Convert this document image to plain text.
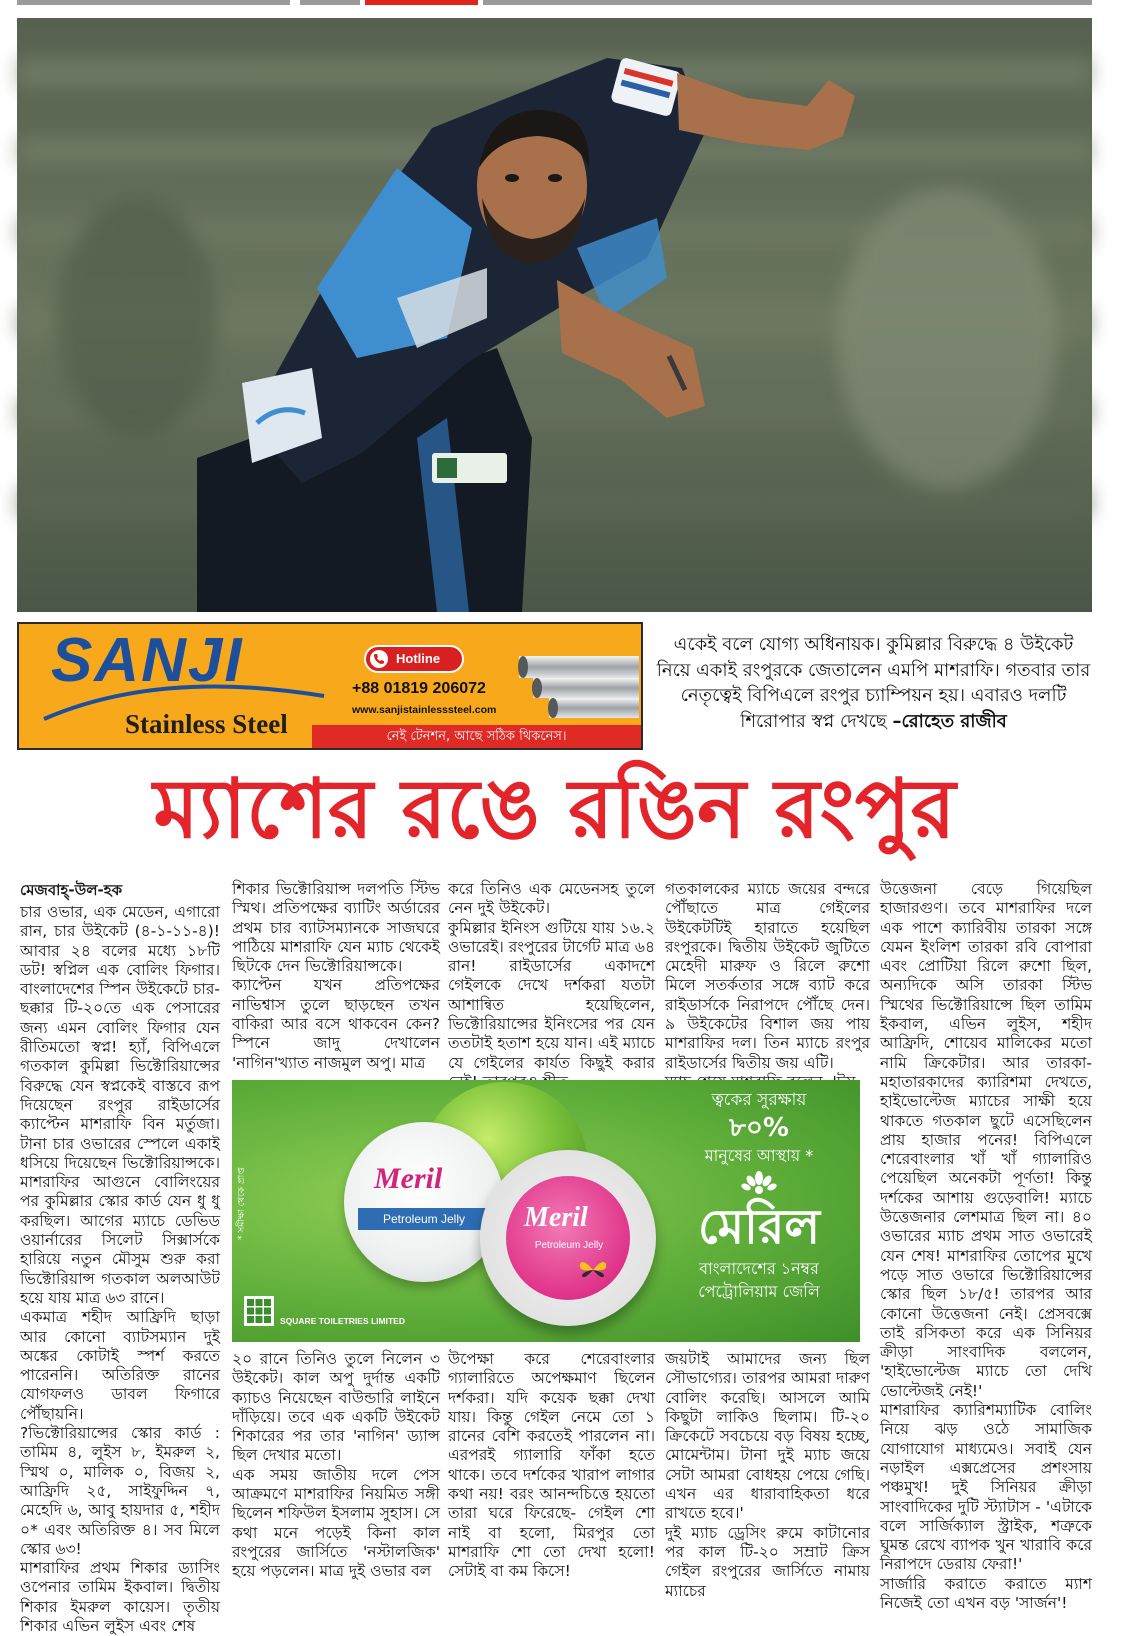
SANJI
Stainless Steel
Hotline
+88 01819 206072
www.sanjistainlesssteel.com
নেই টেনশন, আছে সঠিক থিকনেস।
একেই বলে যোগ্য অধিনায়ক। কুমিল্লার বিরুদ্ধে ৪ উইকেট নিয়ে একাই রংপুরকে জেতালেন এমপি মাশরাফি। গতবার তার নেতৃত্বেই বিপিএলে রংপুর চ্যাম্পিয়ন হয়। এবারও দলটি শিরোপার স্বপ্ন দেখছে –রোহেত রাজীব
ম্যাশের রঙে রঙিন রংপুর
মেজবাহ্-উল-হক

চার ওভার, এক মেডেন, এগারো রান, চার উইকেট (৪-১-১১-৪)! আবার ২৪ বলের মধ্যে ১৮টি ডট! স্বপ্নিল এক বোলিং ফিগার। বাংলাদেশের স্পিন উইকেটে চার-ছক্কার টি-২০তে এক পেসারের জন্য এমন বোলিং ফিগার যেন রীতিমতো স্বপ্ন! হ্যাঁ, বিপিএলে গতকাল কুমিল্লা ভিক্টোরিয়ান্সের বিরুদ্ধে যেন স্বপ্নকেই বাস্তবে রূপ দিয়েছেন রংপুর রাইডার্সের ক্যাপ্টেন মাশরাফি বিন মর্তুজা। টানা চার ওভারের স্পেলে একাই ধসিয়ে দিয়েছেন ভিক্টোরিয়ান্সকে। মাশরাফির আগুনে বোলিংয়ের পর কুমিল্লার স্কোর কার্ড যেন ধু ধু করছিল। আগের ম্যাচে ডেভিড ওয়ার্নারের সিলেট সিক্সার্সকে হারিয়ে নতুন মৌসুম শুরু করা ভিক্টোরিয়ান্স গতকাল অলআউট হয়ে যায় মাত্র ৬৩ রানে।

একমাত্র শহীদ আফ্রিদি ছাড়া আর কোনো ব্যাটসম্যান দুই অঙ্কের কোটাই স্পর্শ করতে পারেননি। অতিরিক্ত রানের যোগফলও ডাবল ফিগারে পৌঁছায়নি।

?ভিক্টোরিয়ান্সের স্কোর কার্ড : তামিম ৪, লুইস ৮, ইমরুল ২, স্মিথ ০, মালিক ০, বিজয় ২, আফ্রিদি ২৫, সাইফুদ্দিন ৭, মেহেদি ৬, আবু হায়দার ৫, শহীদ ০* এবং অতিরিক্ত ৪। সব মিলে স্কোর ৬৩!

মাশরাফির প্রথম শিকার ড্যাসিং ওপেনার তামিম ইকবাল। দ্বিতীয় শিকার ইমরুল কায়েস। তৃতীয় শিকার এভিন লুইস এবং শেষ

শিকার ভিক্টোরিয়ান্স দলপতি স্টিভ স্মিথ। প্রতিপক্ষের ব্যাটিং অর্ডারের প্রথম চার ব্যাটসম্যানকে সাজঘরে পাঠিয়ে মাশরাফি যেন ম্যাচ থেকেই ছিটকে দেন ভিক্টোরিয়ান্সকে।

ক্যাপ্টেন যখন প্রতিপক্ষের নাভিশ্বাস তুলে ছাড়ছেন তখন বাকিরা আর বসে থাকবেন কেন? স্পিনে জাদু দেখালেন 'নাগিন'খ্যাত নাজমুল অপু। মাত্র

করে তিনিও এক মেডেনসহ তুলে নেন দুই উইকেট।

কুমিল্লার ইনিংস গুটিয়ে যায় ১৬.২ ওভারেই। রংপুরের টার্গেট মাত্র ৬৪ রান! রাইডার্সের একাদশে গেইলকে দেখে দর্শকরা যতটা আশান্বিত হয়েছিলেন, ভিক্টোরিয়ান্সের ইনিংসের পর যেন ততটাই হতাশ হয়ে যান। এই ম্যাচে যে গেইলের কার্যত কিছুই করার

গতকালকের ম্যাচে জয়ের বন্দরে পৌঁছাতে মাত্র গেইলের উইকেটটিই হারাতে হয়েছিল রংপুরকে। দ্বিতীয় উইকেট জুটিতে মেহেদী মারুফ ও রিলে রুশো মিলে সতর্কতার সঙ্গে ব্যাট করে রাইডার্সকে নিরাপদে পৌঁছে দেন। ৯ উইকেটের বিশাল জয় পায় মাশরাফির দল। তিন ম্যাচে রংপুর রাইডার্সের দ্বিতীয় জয় এটি।

উত্তেজনা বেড়ে গিয়েছিল হাজারগুণ। তবে মাশরাফির দলে এক পাশে ক্যারিবীয় তারকা সঙ্গে যেমন ইংলিশ তারকা রবি বোপারা এবং প্রোটিয়া রিলে রুশো ছিল, অন্যদিকে অসি তারকা স্টিভ স্মিথের ভিক্টোরিয়ান্সে ছিল তামিম ইকবাল, এভিন লুইস, শহীদ আফ্রিদি, শোয়েব মালিকের মতো নামি ক্রিকেটার। আর তারকা-মহাতারকাদের ক্যারিশমা দেখতে, হাইভোল্টেজ ম্যাচের সাক্ষী হয়ে থাকতে গতকাল ছুটে এসেছিলেন প্রায় হাজার পনের! বিপিএলে শেরেবাংলার খাঁ খাঁ গ্যালারিও পেয়েছিল অনেকটা পূর্ণতা! কিন্তু দর্শকের আশায় গুড়েবালি! ম্যাচে উত্তেজনার লেশমাত্র ছিল না। ৪০ ওভারের ম্যাচ প্রথম সাত ওভারেই যেন শেষ! মাশরাফির তোপের মুখে পড়ে সাত ওভারে ভিক্টোরিয়ান্সের স্কোর ছিল ১৮/৫! তারপর আর কোনো উত্তেজনা নেই। প্রেসবক্সে তাই রসিকতা করে এক সিনিয়র ক্রীড়া সাংবাদিক বললেন, 'হাইভোল্টেজ ম্যাচে তো দেখি ভোল্টেজই নেই!'

মাশরাফির ক্যারিশম্যাটিক বোলিং নিয়ে ঝড় ওঠে সামাজিক যোগাযোগ মাধ্যমেও। সবাই যেন নড়াইল এক্সপ্রেসের প্রশংসায় পঞ্চমুখ! দুই সিনিয়র ক্রীড়া সাংবাদিকের দুটি স্ট্যাটাস - 'এটাকে বলে সার্জিক্যাল স্ট্রাইক, শত্রুকে ঘুমন্ত রেখে ব্যাপক খুন খারাবি করে নিরাপদে ডেরায় ফেরা!'

সার্জারি করাতে করাতে ম্যাশ নিজেই তো এখন বড় 'সার্জন'!

Meril
Petroleum Jelly	Meril
Petroleum Jelly
* সমীক্ষা থেকে প্রাপ্ত
SQUARE TOILETRIES LIMITED
ত্বকের সুরক্ষায়
৮০%
মানুষের আস্থায় *
মেরিল
বাংলাদেশের ১নম্বর
পেট্রোলিয়াম জেলি

২০ রানে তিনিও তুলে নিলেন ৩ উইকেট। কাল অপু দুর্দান্ত একটি ক্যাচও নিয়েছেন বাউন্ডারি লাইনে দাঁড়িয়ে। তবে এক একটি উইকেট শিকারের পর তার 'নাগিন' ড্যান্স ছিল দেখার মতো।

এক সময় জাতীয় দলে পেস আক্রমণে মাশরাফির নিয়মিত সঙ্গী ছিলেন শফিউল ইসলাম সুহাস। সে কথা মনে পড়েই কিনা কাল রংপুরের জার্সিতে 'নস্টালজিক' হয়ে পড়লেন। মাত্র দুই ওভার বল

উপেক্ষা করে শেরেবাংলার গ্যালারিতে অপেক্ষমাণ ছিলেন দর্শকরা। যদি কয়েক ছক্কা দেখা যায়। কিন্তু গেইল নেমে তো ১ রানের বেশি করতেই পারলেন না। এরপরই গ্যালারি ফাঁকা হতে থাকে। তবে দর্শকের খারাপ লাগার কথা নয়! বরং আনন্দচিত্তে হয়তো তারা ঘরে ফিরেছে- গেইল শো নাই বা হলো, মিরপুর তো মাশরাফি শো তো দেখা হলো! সেটাই বা কম কিসে!

জয়টাই আমাদের জন্য ছিল সৌভাগ্যের। তারপর আমরা দারুণ বোলিং করেছি। আসলে আমি কিছুটা লাকিও ছিলাম। টি-২০ ক্রিকেটে সবচেয়ে বড় বিষয় হচ্ছে, মোমেন্টাম। টানা দুই ম্যাচ জয়ে সেটা আমরা বোধহয় পেয়ে গেছি। এখন এর ধারাবাহিকতা ধরে রাখতে হবে।'

দুই ম্যাচ ড্রেসিং রুমে কাটানোর পর কাল টি-২০ সম্রাট ক্রিস গেইল রংপুরের জার্সিতে নামায় ম্যাচের
